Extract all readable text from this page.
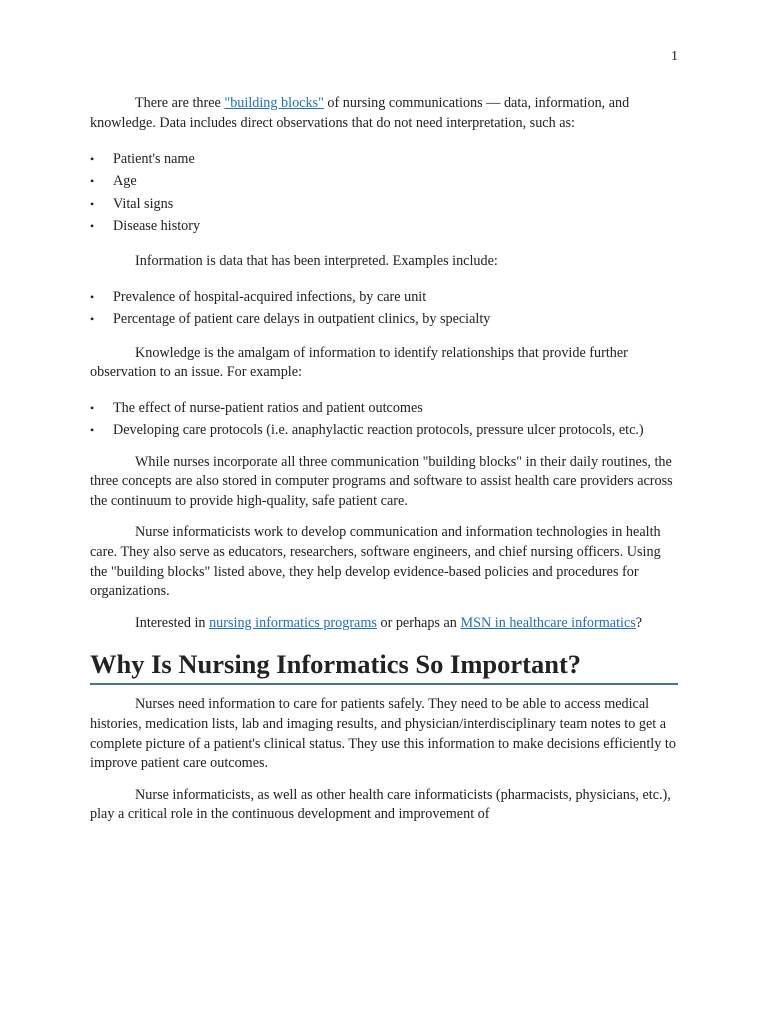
1

There are three "building blocks" of nursing communications — data, information, and knowledge. Data includes direct observations that do not need interpretation, such as:

• Patient's name
• Age
• Vital signs
• Disease history

Information is data that has been interpreted. Examples include:

• Prevalence of hospital-acquired infections, by care unit
• Percentage of patient care delays in outpatient clinics, by specialty

Knowledge is the amalgam of information to identify relationships that provide further observation to an issue. For example:

• The effect of nurse-patient ratios and patient outcomes
• Developing care protocols (i.e. anaphylactic reaction protocols, pressure ulcer protocols, etc.)

While nurses incorporate all three communication "building blocks" in their daily routines, the three concepts are also stored in computer programs and software to assist health care providers across the continuum to provide high-quality, safe patient care.

Nurse informaticists work to develop communication and information technologies in health care. They also serve as educators, researchers, software engineers, and chief nursing officers. Using the "building blocks" listed above, they help develop evidence-based policies and procedures for organizations.

Interested in nursing informatics programs or perhaps an MSN in healthcare informatics?

Why Is Nursing Informatics So Important?

Nurses need information to care for patients safely. They need to be able to access medical histories, medication lists, lab and imaging results, and physician/interdisciplinary team notes to get a complete picture of a patient's clinical status. They use this information to make decisions efficiently to improve patient care outcomes.

Nurse informaticists, as well as other health care informaticists (pharmacists, physicians, etc.), play a critical role in the continuous development and improvement of
